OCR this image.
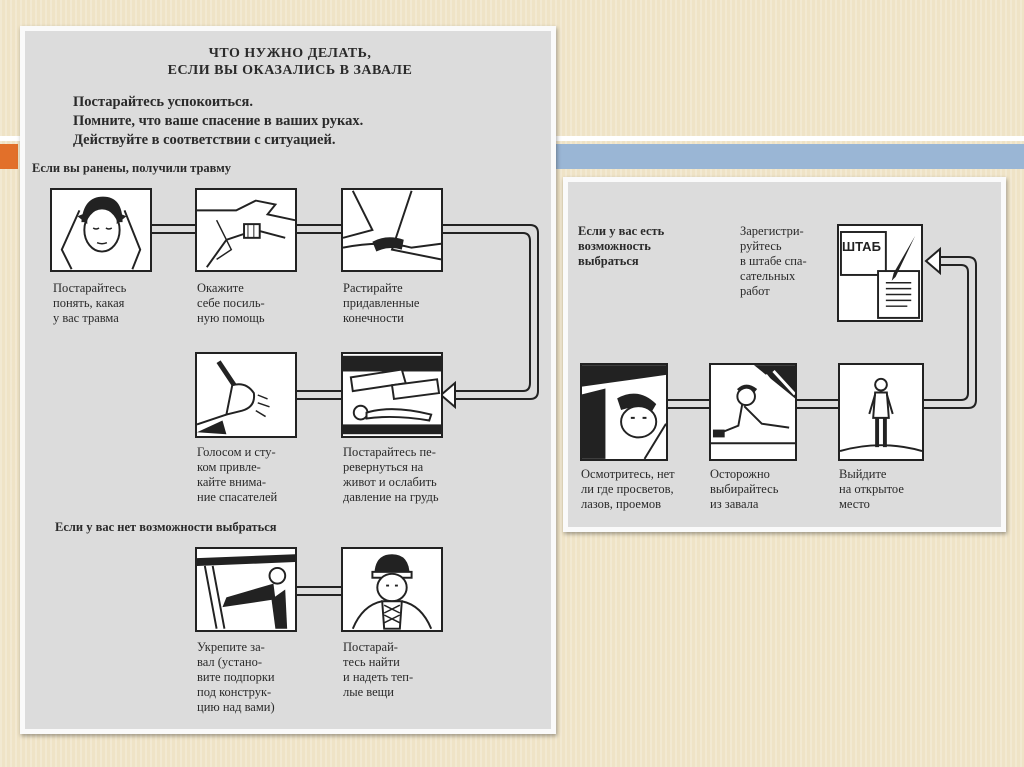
ЧТО НУЖНО ДЕЛАТЬ,
ЕСЛИ ВЫ ОКАЗАЛИСЬ В ЗАВАЛЕ

Постарайтесь успокоиться.
Помните, что ваше спасение в ваших руках.
Действуйте в соответствии с ситуацией.

Если вы ранены, получили травму

Постарайтесь
понять, какая
у вас травма

Окажите
себе посиль-
ную помощь

Растирайте
придавленные
конечности

Голосом и сту-
ком привле-
кайте внима-
ние спасателей

Постарайтесь пе-
ревернуться на
живот и ослабить
давление на грудь

Если у вас нет возможности выбраться

Укрепите за-
вал (устано-
вите подпорки
под конструк-
цию над вами)

Постарай-
тесь найти
и надеть теп-
лые вещи

Если у вас есть
возможность
выбраться

Зарегистри-
руйтесь
в штабе спа-
сательных
работ

ШТАБ

Осмотритесь, нет
ли где просветов,
лазов, проемов

Осторожно
выбирайтесь
из завала

Выйдите
на открытое
место
